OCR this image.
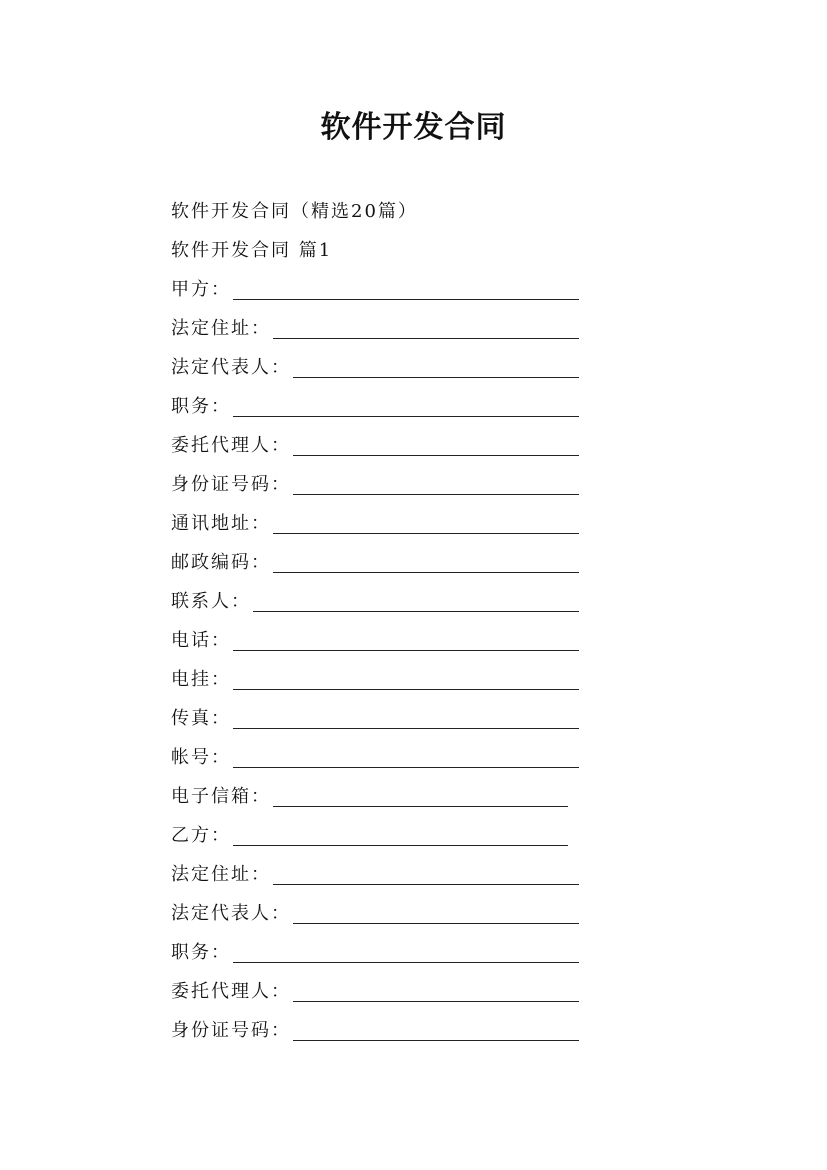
软件开发合同
软件开发合同（精选20篇）
软件开发合同 篇1
甲方：
法定住址：
法定代表人：
职务：
委托代理人：
身份证号码：
通讯地址：
邮政编码：
联系人：
电话：
电挂：
传真：
帐号：
电子信箱：
乙方：
法定住址：
法定代表人：
职务：
委托代理人：
身份证号码：
